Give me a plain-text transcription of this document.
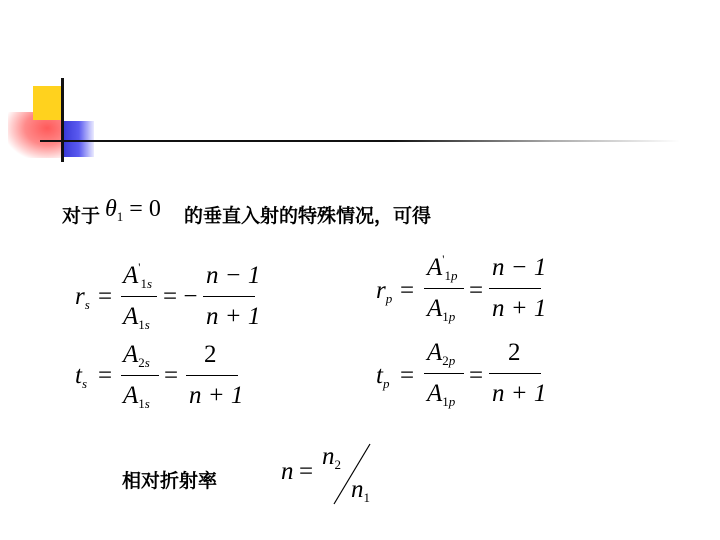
对于 $\theta_1 = 0$ 的垂直入射的特殊情况，可得
$r_s$ =
$A'_{1s}$
$A_{1s}$
= −
n − 1
n + 1
$r_p$ =
$A'_{1p}$
$A_{1p}$
=
n − 1
n + 1
$t_s$ =
$A_{2s}$
$A_{1s}$
=
2
n + 1
$t_p$ =
$A_{2p}$
$A_{1p}$
=
2
n + 1
相对折射率	n =
$n_2$
$n_1$
